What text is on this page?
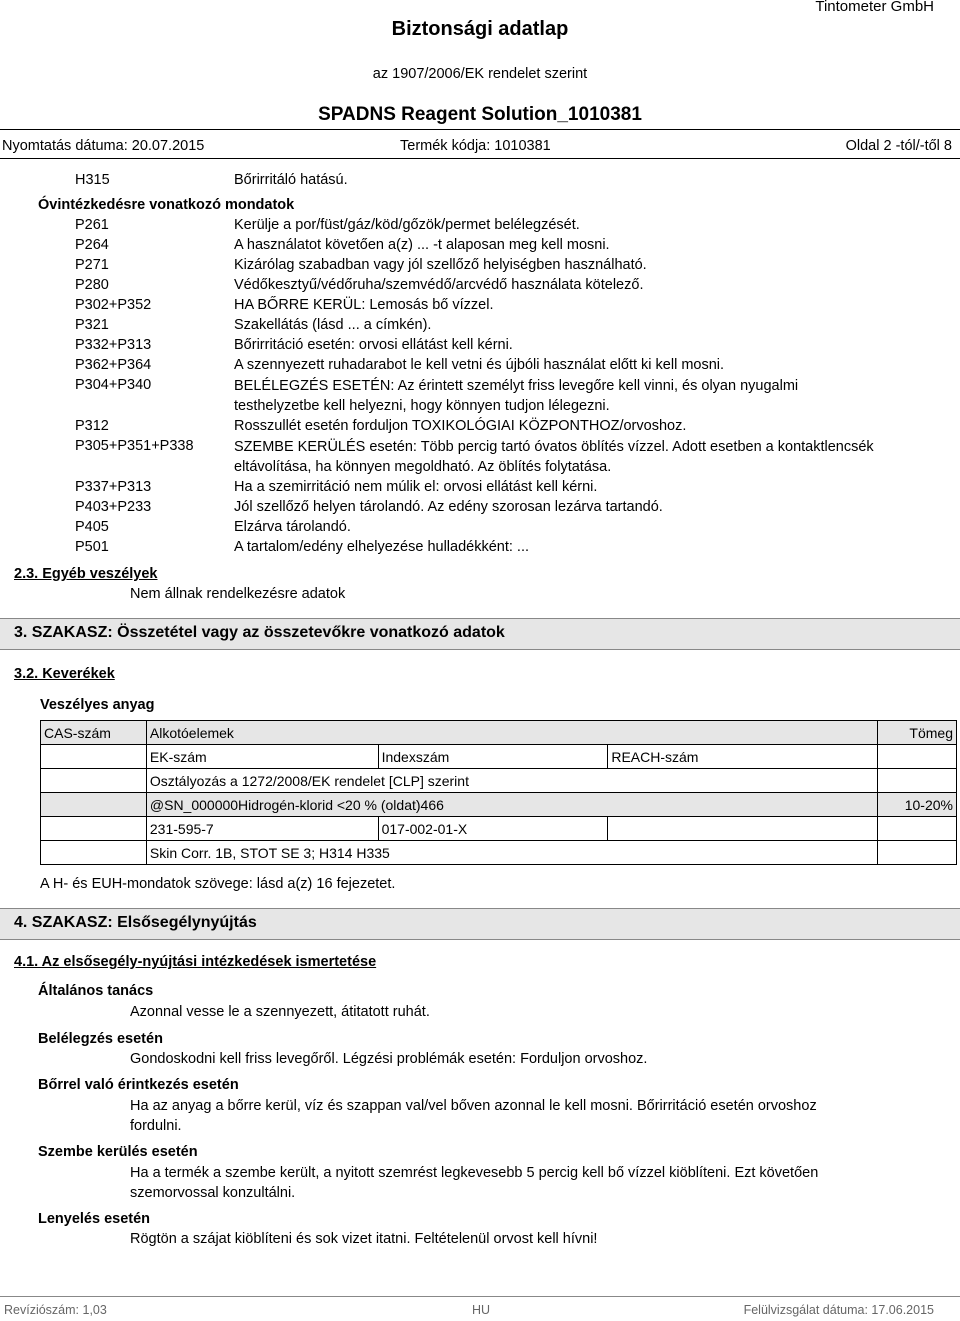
Tintometer GmbH
Biztonsági adatlap
az 1907/2006/EK rendelet szerint
SPADNS Reagent Solution_1010381
Nyomtatás dátuma: 20.07.2015	Termék kódja: 1010381	Oldal 2 -tól/-től 8
H315	Bőrirritáló hatású.
Óvintézkedésre vonatkozó mondatok
P261	Kerülje a por/füst/gáz/köd/gőzök/permet belélegzését.
P264	A használatot követően a(z) ... -t alaposan meg kell mosni.
P271	Kizárólag szabadban vagy jól szellőző helyiségben használható.
P280	Védőkesztyű/védőruha/szemvédő/arcvédő használata kötelező.
P302+P352	HA BŐRRE KERÜL: Lemosás bő vízzel.
P321	Szakellátás (lásd ... a címkén).
P332+P313	Bőrirritáció esetén: orvosi ellátást kell kérni.
P362+P364	A szennyezett ruhadarabot le kell vetni és újbóli használat előtt ki kell mosni.
P304+P340	BELÉLEGZÉS ESETÉN: Az érintett személyt friss levegőre kell vinni, és olyan nyugalmi testhelyzetbe kell helyezni, hogy könnyen tudjon lélegezni.
P312	Rosszullét esetén forduljon TOXIKOLÓGIAI KÖZPONTHOZ/orvoshoz.
P305+P351+P338	SZEMBE KERÜLÉS esetén: Több percig tartó óvatos öblítés vízzel. Adott esetben a kontaktlencsék eltávolítása, ha könnyen megoldható. Az öblítés folytatása.
P337+P313	Ha a szemirritáció nem múlik el: orvosi ellátást kell kérni.
P403+P233	Jól szellőző helyen tárolandó. Az edény szorosan lezárva tartandó.
P405	Elzárva tárolandó.
P501	A tartalom/edény elhelyezése hulladékként: ...
2.3. Egyéb veszélyek
Nem állnak rendelkezésre adatok
3. SZAKASZ: Összetétel vagy az összetevőkre vonatkozó adatok
3.2. Keverékek
Veszélyes anyag
CAS-szám	Alkotóelemek			Tömeg
	EK-szám	Indexszám	REACH-szám	
	Osztályozás a 1272/2008/EK rendelet [CLP] szerint			
	@SN_000000Hidrogén-klorid <20 % (oldat)466			10-20%
	231-595-7	017-002-01-X		
	Skin Corr. 1B, STOT SE 3; H314 H335			
A H- és EUH-mondatok szövege: lásd a(z) 16 fejezetet.
4. SZAKASZ: Elsősegélynyújtás
4.1. Az elsősegély-nyújtási intézkedések ismertetése
Általános tanács
Azonnal vesse le a szennyezett, átitatott ruhát.
Belélegzés esetén
Gondoskodni kell friss levegőről. Légzési problémák esetén: Forduljon orvoshoz.
Bőrrel való érintkezés esetén
Ha az anyag a bőrre kerül, víz és szappan val/vel bőven azonnal le kell mosni. Bőrirritáció esetén orvoshoz fordulni.
Szembe kerülés esetén
Ha a termék a szembe került, a nyitott szemrést legkevesebb 5 percig kell bő vízzel kiöblíteni. Ezt követően szemorvossal konzultálni.
Lenyelés esetén
Rögtön a szájat kiöblíteni és sok vizet itatni. Feltételenül orvost kell hívni!
Revíziószám: 1,03	HU	Felülvizsgálat dátuma: 17.06.2015
